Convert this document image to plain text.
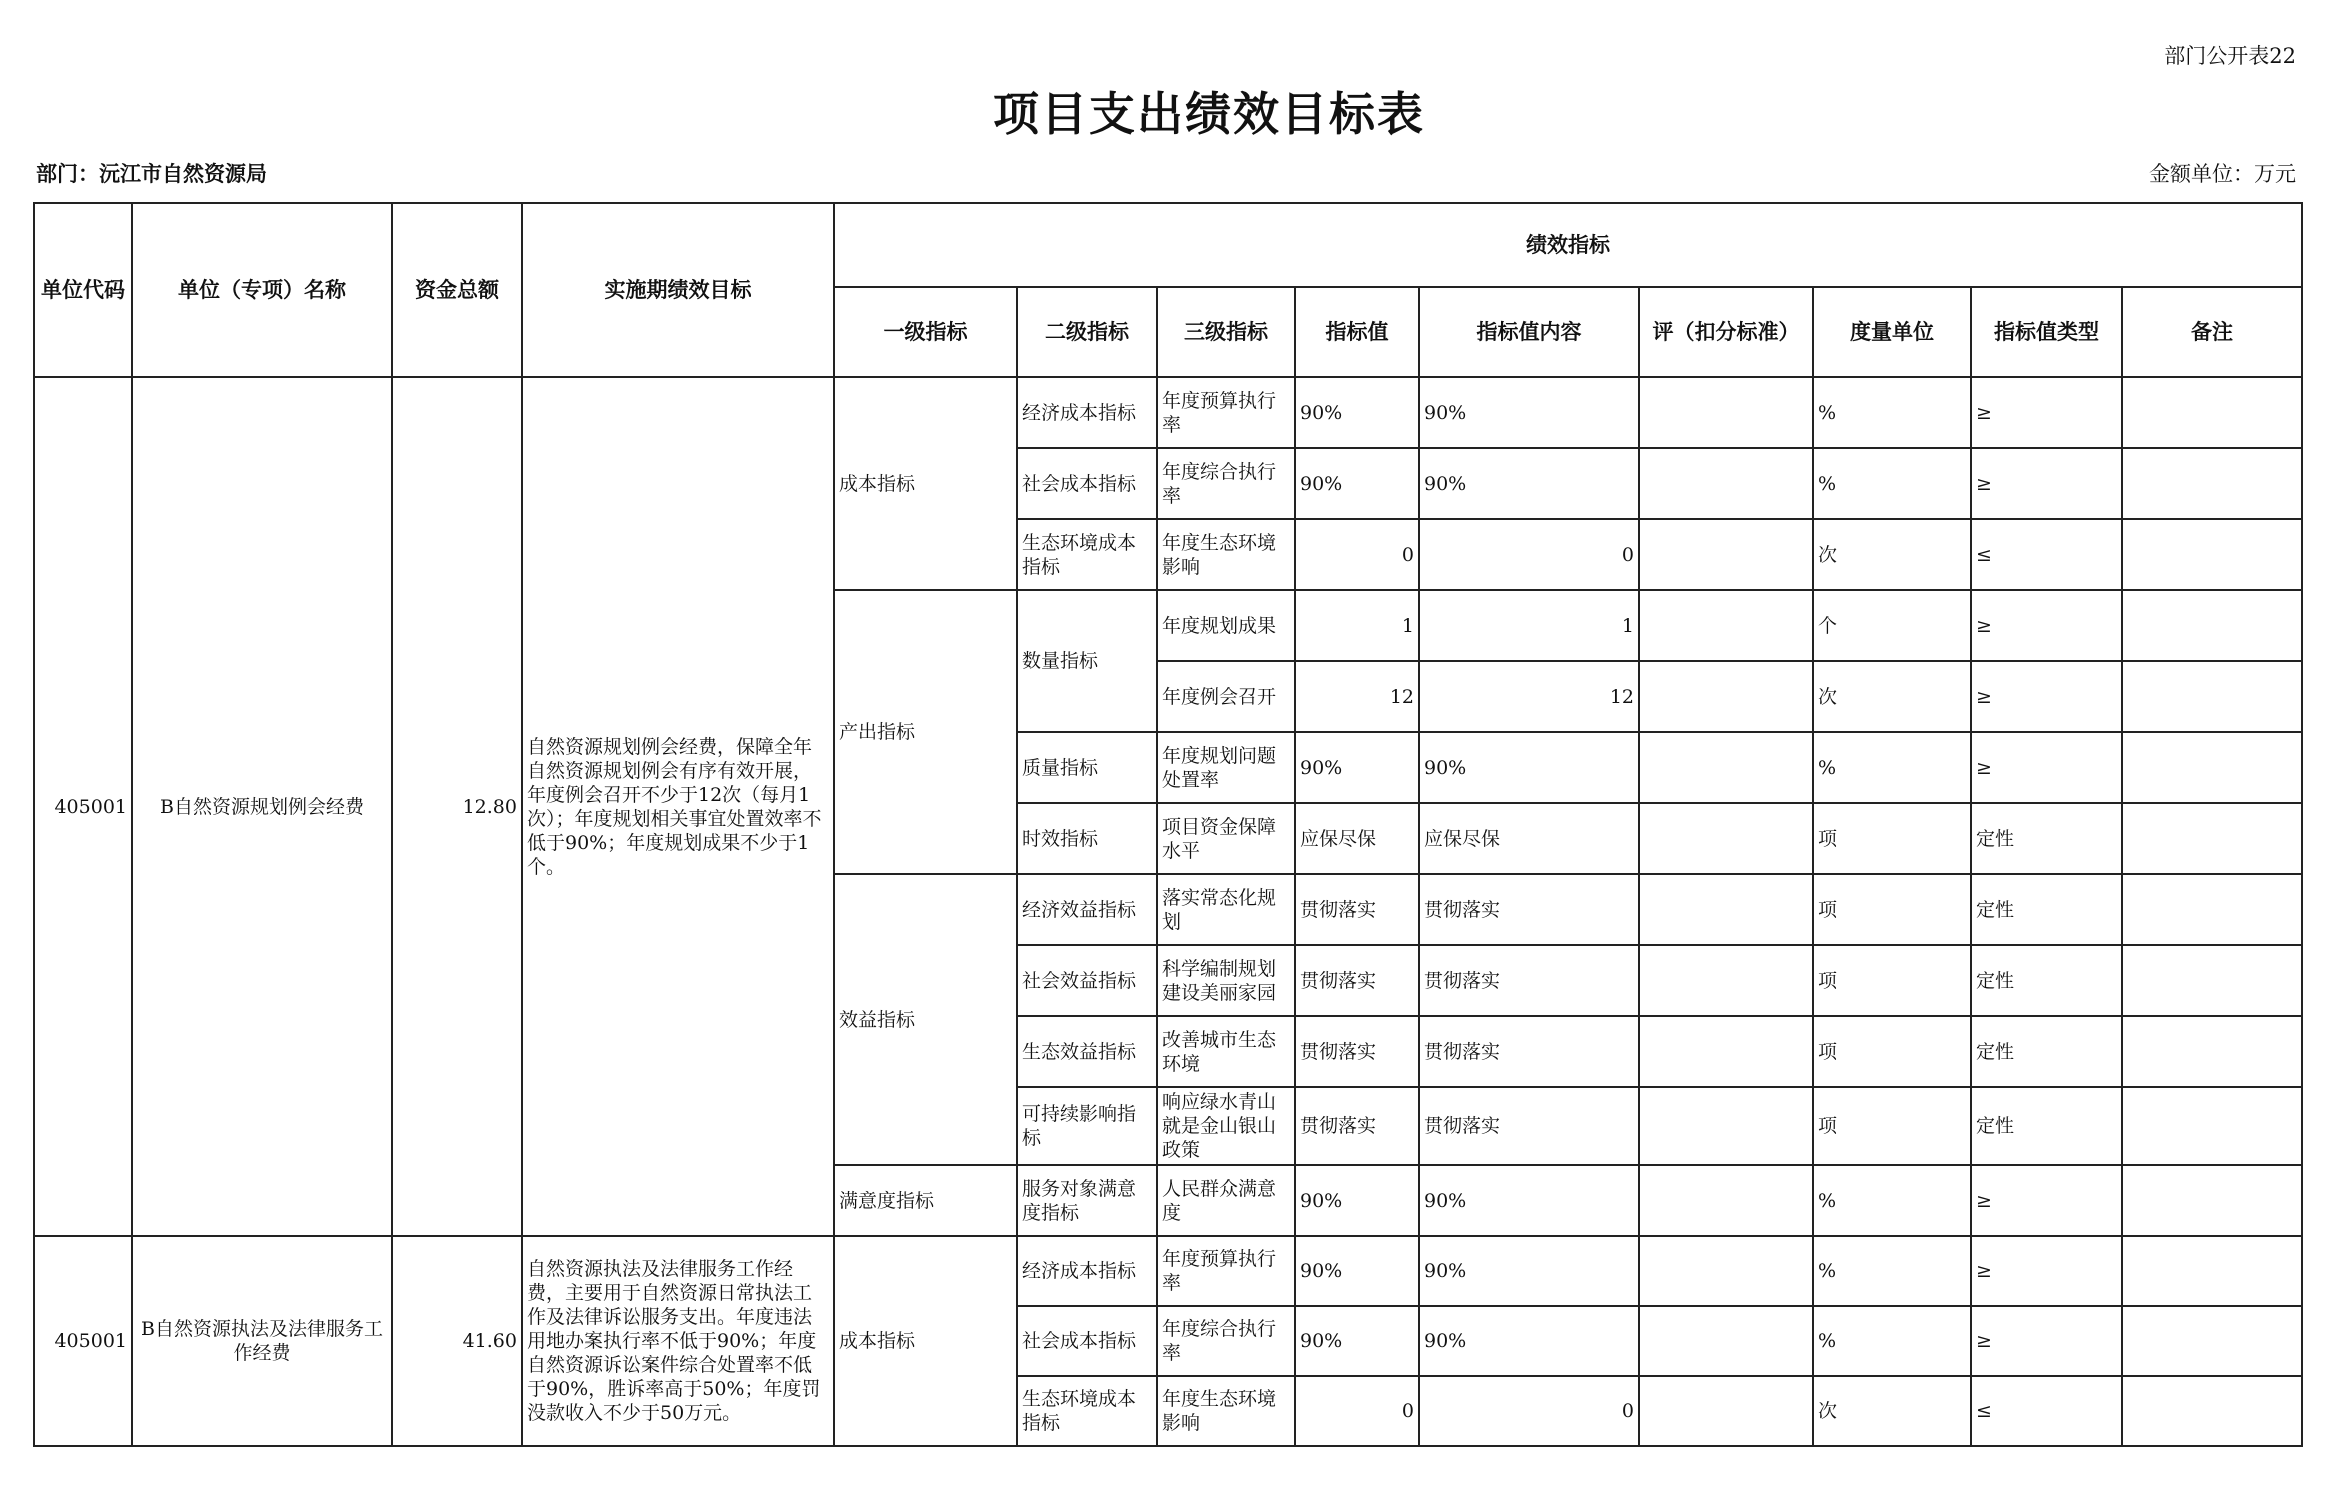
部门公开表22
项目支出绩效目标表
部门：沅江市自然资源局	金额单位：万元
单位代码	单位（专项）名称	资金总额	实施期绩效目标	绩效指标								
				一级指标	二级指标	三级指标	指标值	指标值内容	评（扣分标准）	度量单位	指标值类型	备注
405001	B自然资源规划例会经费	12.80	自然资源规划例会经费，保障全年自然资源规划例会有序有效开展，年度例会召开不少于12次（每月1次）；年度规划相关事宜处置效率不低于90%；年度规划成果不少于1个。	成本指标	经济成本指标	年度预算执行率	90%	90%		%	≥	
					社会成本指标	年度综合执行率	90%	90%		%	≥	
					生态环境成本指标	年度生态环境影响	0	0		次	≤	
				产出指标	数量指标	年度规划成果	1	1		个	≥	
						年度例会召开	12	12		次	≥	
					质量指标	年度规划问题处置率	90%	90%		%	≥	
					时效指标	项目资金保障水平	应保尽保	应保尽保		项	定性	
				效益指标	经济效益指标	落实常态化规划	贯彻落实	贯彻落实		项	定性	
					社会效益指标	科学编制规划建设美丽家园	贯彻落实	贯彻落实		项	定性	
					生态效益指标	改善城市生态环境	贯彻落实	贯彻落实		项	定性	
					可持续影响指标	响应绿水青山就是金山银山政策	贯彻落实	贯彻落实		项	定性	
				满意度指标	服务对象满意度指标	人民群众满意度	90%	90%		%	≥	
405001	B自然资源执法及法律服务工作经费	41.60	自然资源执法及法律服务工作经费，主要用于自然资源日常执法工作及法律诉讼服务支出。年度违法用地办案执行率不低于90%；年度自然资源诉讼案件综合处置率不低于90%，胜诉率高于50%；年度罚没款收入不少于50万元。	成本指标	经济成本指标	年度预算执行率	90%	90%		%	≥	
					社会成本指标	年度综合执行率	90%	90%		%	≥	
					生态环境成本指标	年度生态环境影响	0	0		次	≤	
